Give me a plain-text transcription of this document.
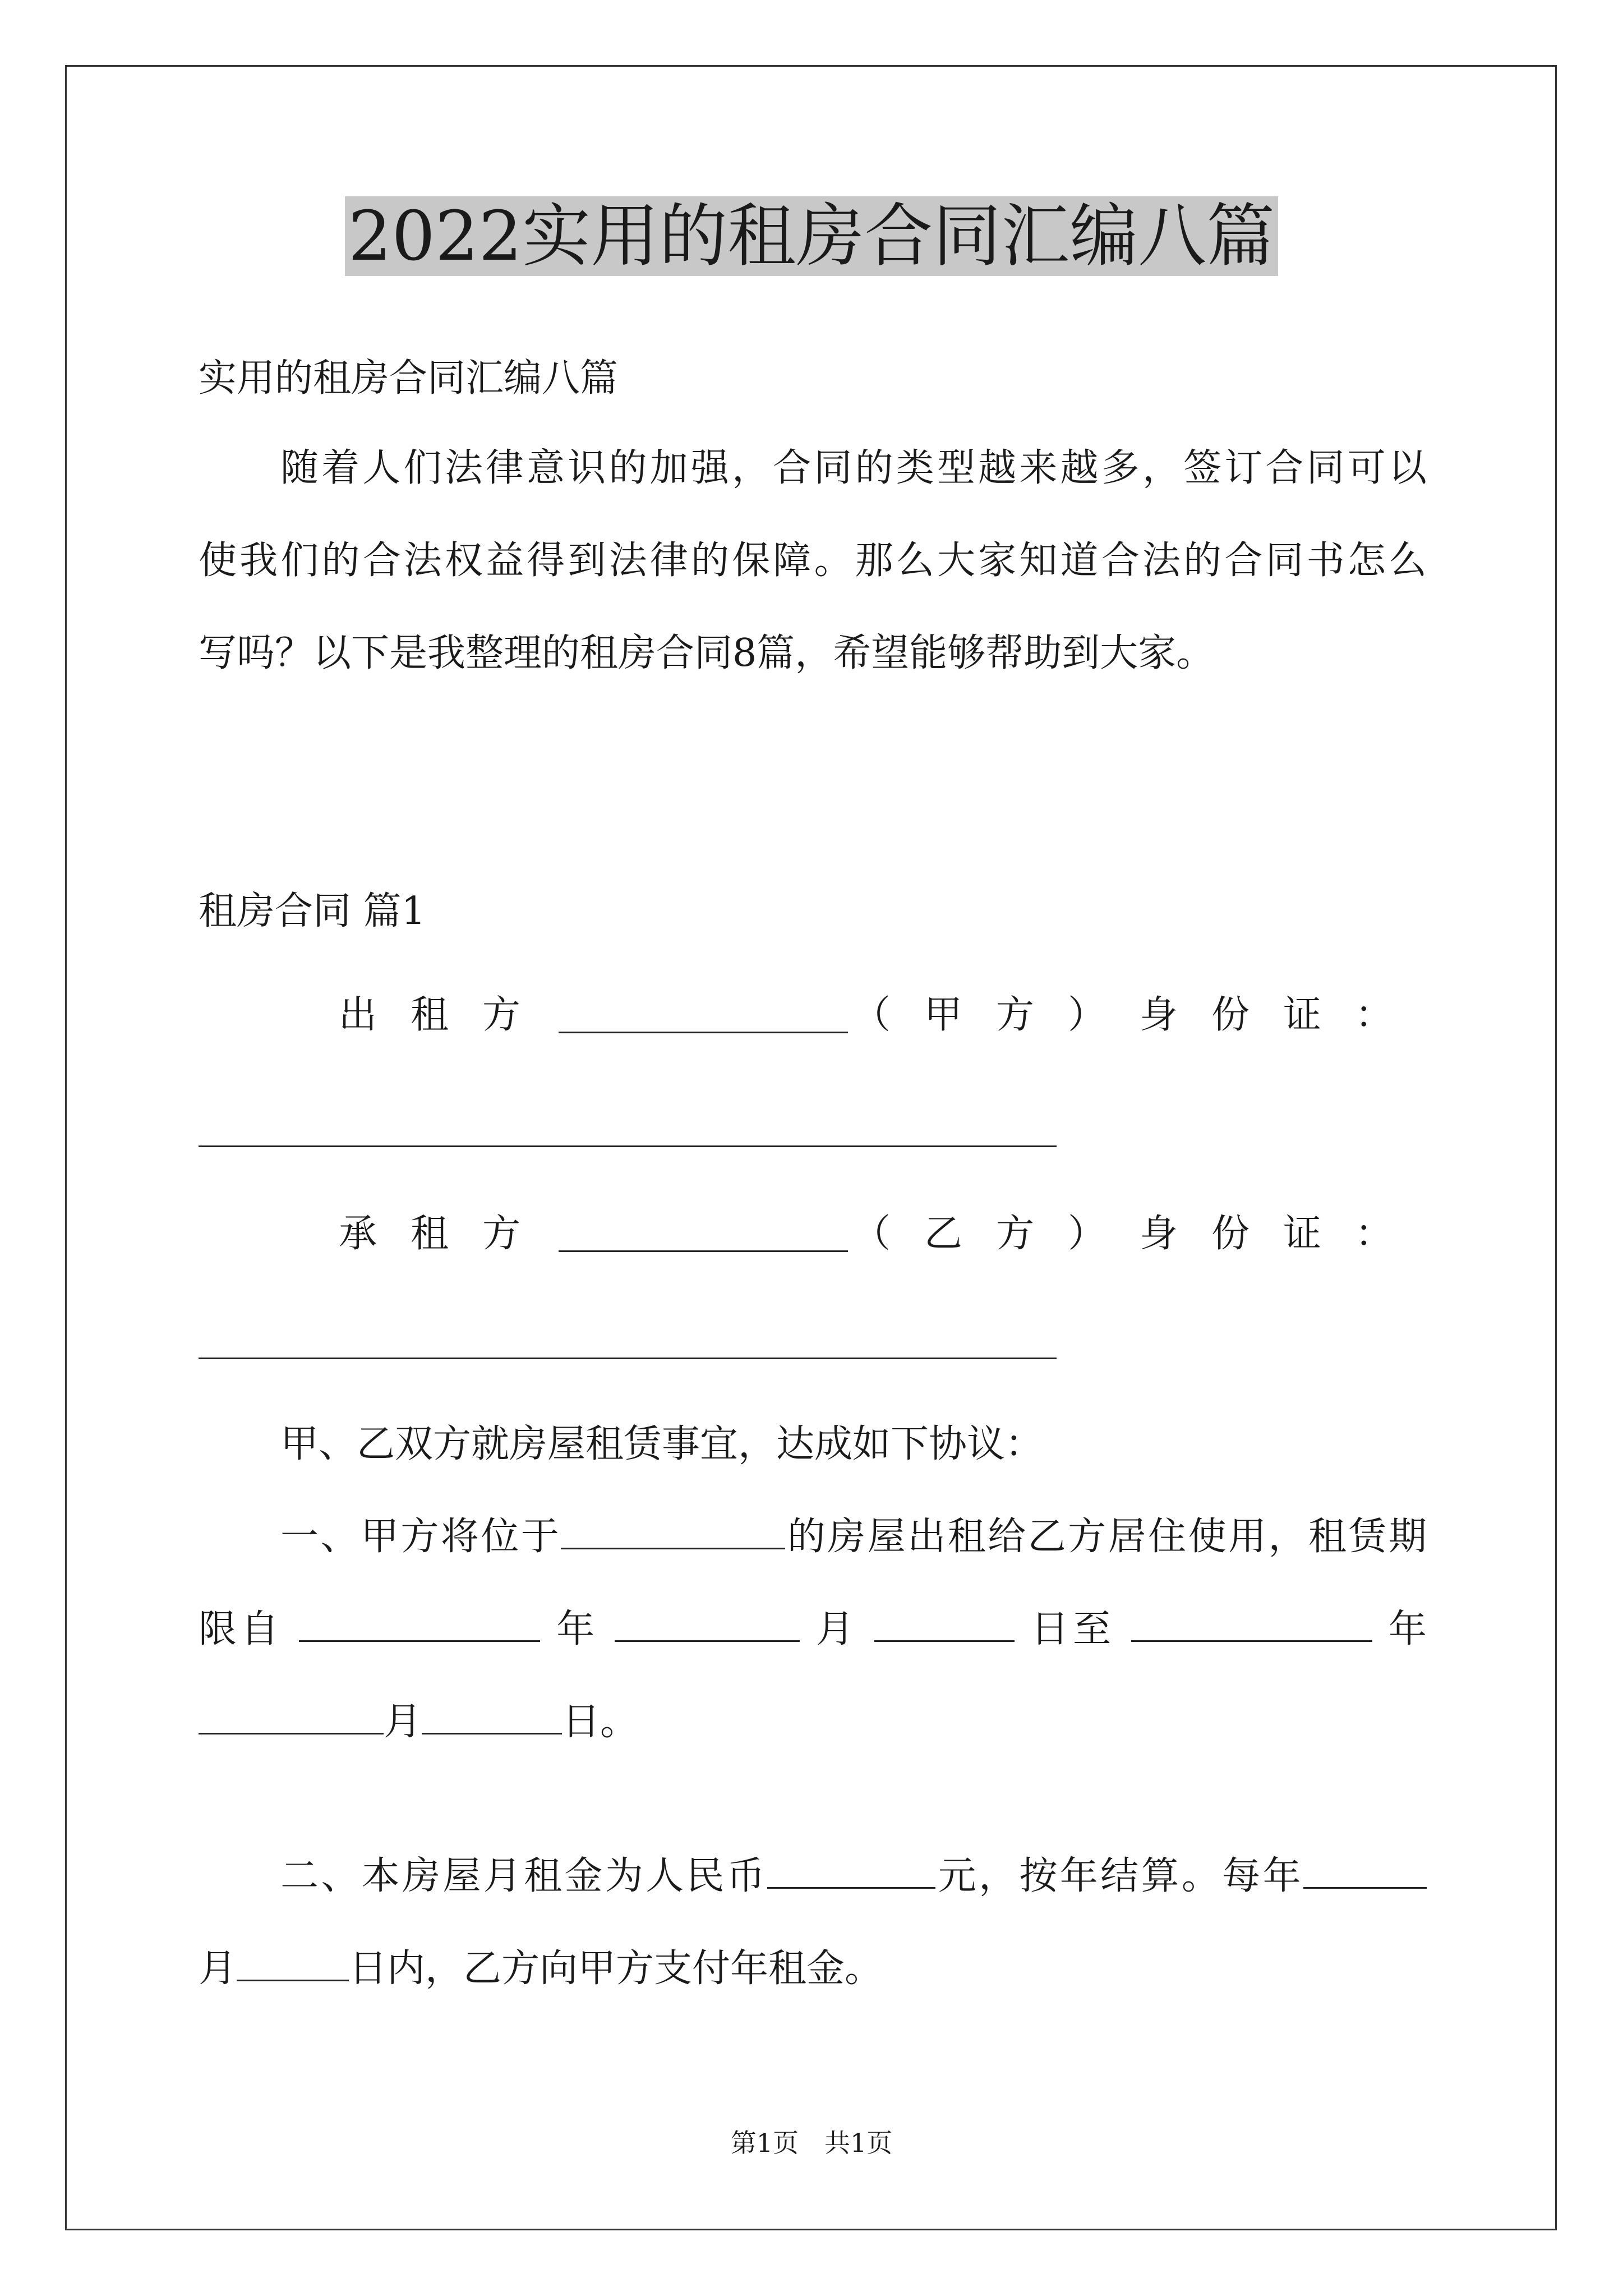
2022实用的租房合同汇编八篇

实用的租房合同汇编八篇

随着人们法律意识的加强，合同的类型越来越多，签订合同可以
使我们的合法权益得到法律的保障。那么大家知道合法的合同书怎么
写吗？以下是我整理的租房合同8篇，希望能够帮助到大家。

租房合同 篇1

出租方	（甲方） 身份证：
承租方	（乙方） 身份证：

甲、乙双方就房屋租赁事宜，达成如下协议：

一、甲方将位于	的房屋出租给乙方居住使用，租赁期
限自	年	月	日至	年
月	日。
二、本房屋月租金为人民币	元，按年结算。每年
月	日内，乙方向甲方支付年租金。

第1页　共1页
